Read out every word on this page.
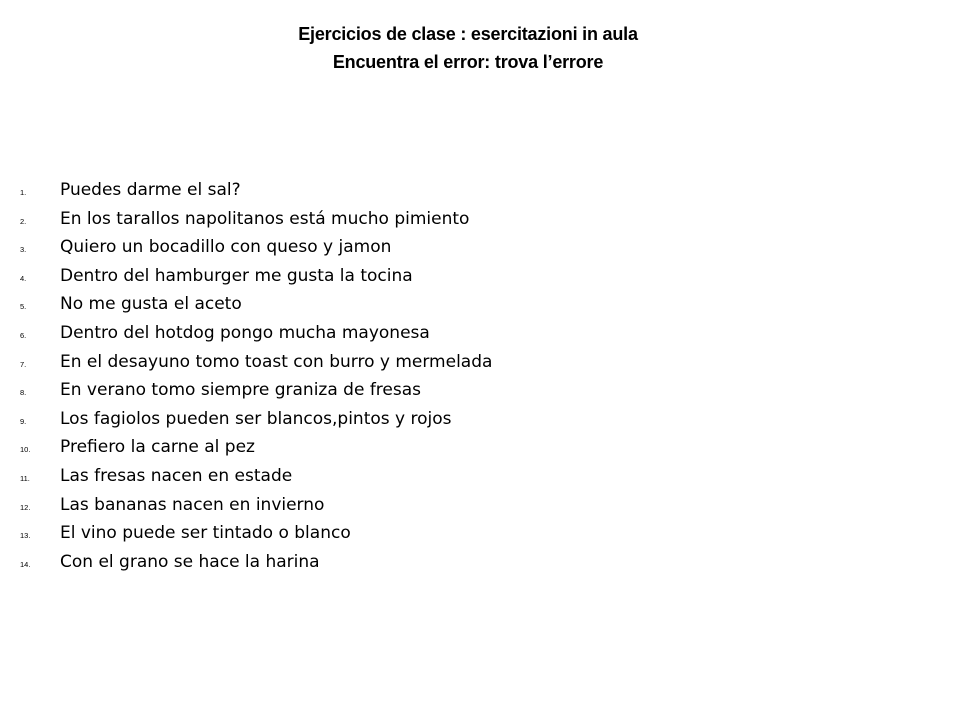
Ejercicios de clase : esercitazioni in aula
Encuentra el error: trova l’errore
1.	Puedes darme el sal?
2.	En los tarallos napolitanos está mucho pimiento
3.	Quiero un bocadillo con queso y jamon
4.	Dentro del hamburger me gusta la tocina
5.	No me gusta el aceto
6.	Dentro del hotdog pongo mucha mayonesa
7.	En el desayuno tomo toast con burro y mermelada
8.	En verano tomo siempre graniza de fresas
9.	Los fagiolos pueden ser blancos,pintos y rojos
10.	Prefiero la carne al pez
11.	Las fresas nacen en estade
12.	Las bananas nacen en invierno
13.	El vino puede ser tintado o blanco
14.	Con el grano se hace la harina
